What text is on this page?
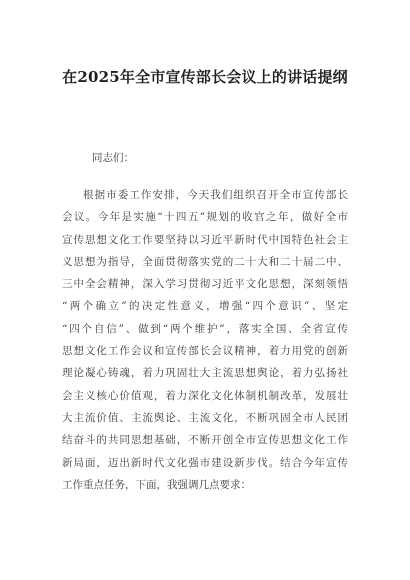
在2025年全市宣传部长会议上的讲话提纲
同志们：
根据市委工作安排，今天我们组织召开全市宣传部长
会议。今年是实施“十四五”规划的收官之年，做好全市
宣传思想文化工作要坚持以习近平新时代中国特色社会主
义思想为指导，全面贯彻落实党的二十大和二十届二中、
三中全会精神，深入学习贯彻习近平文化思想，深刻领悟
“两个确立”的决定性意义，增强“四个意识”、坚定
“四个自信”、做到“两个维护”，落实全国、全省宣传
思想文化工作会议和宣传部长会议精神，着力用党的创新
理论凝心铸魂，着力巩固壮大主流思想舆论，着力弘扬社
会主义核心价值观，着力深化文化体制机制改革，发展壮
大主流价值、主流舆论、主流文化，不断巩固全市人民团
结奋斗的共同思想基础，不断开创全市宣传思想文化工作
新局面，迈出新时代文化强市建设新步伐。结合今年宣传
工作重点任务，下面，我强调几点要求：
